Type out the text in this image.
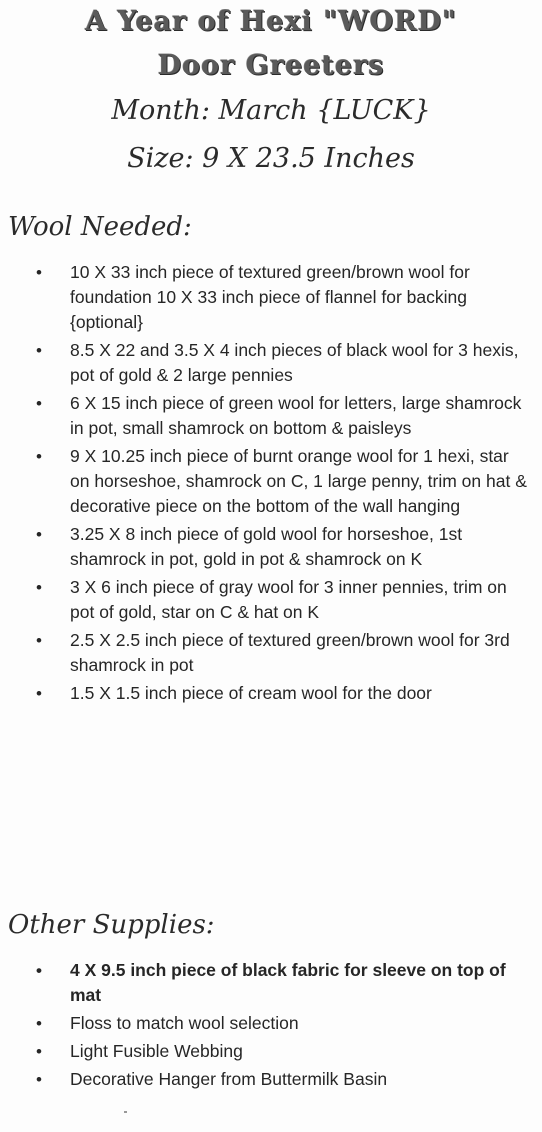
A Year of Hexi "WORD"
Door Greeters
Month: March {LUCK}
Size: 9 X 23.5 Inches
Wool Needed:
• 10 X 33 inch piece of textured green/brown wool for foundation 10 X 33 inch piece of flannel for backing {optional}
• 8.5 X 22 and 3.5 X 4 inch pieces of black wool for 3 hexis, pot of gold & 2 large pennies
• 6 X 15 inch piece of green wool for letters, large shamrock in pot, small shamrock on bottom & paisleys
• 9 X 10.25 inch piece of burnt orange wool for 1 hexi, star on horseshoe, shamrock on C, 1 large penny, trim on hat & decorative piece on the bottom of the wall hanging
• 3.25 X 8 inch piece of gold wool for horseshoe, 1st shamrock in pot, gold in pot & shamrock on K
• 3 X 6 inch piece of gray wool for 3 inner pennies, trim on pot of gold, star on C & hat on K
• 2.5 X 2.5 inch piece of textured green/brown wool for 3rd shamrock in pot
• 1.5 X 1.5 inch piece of cream wool for the door
Other Supplies:
• 4 X 9.5 inch piece of black fabric for sleeve on top of mat
• Floss to match wool selection
• Light Fusible Webbing
• Decorative Hanger from Buttermilk Basin
